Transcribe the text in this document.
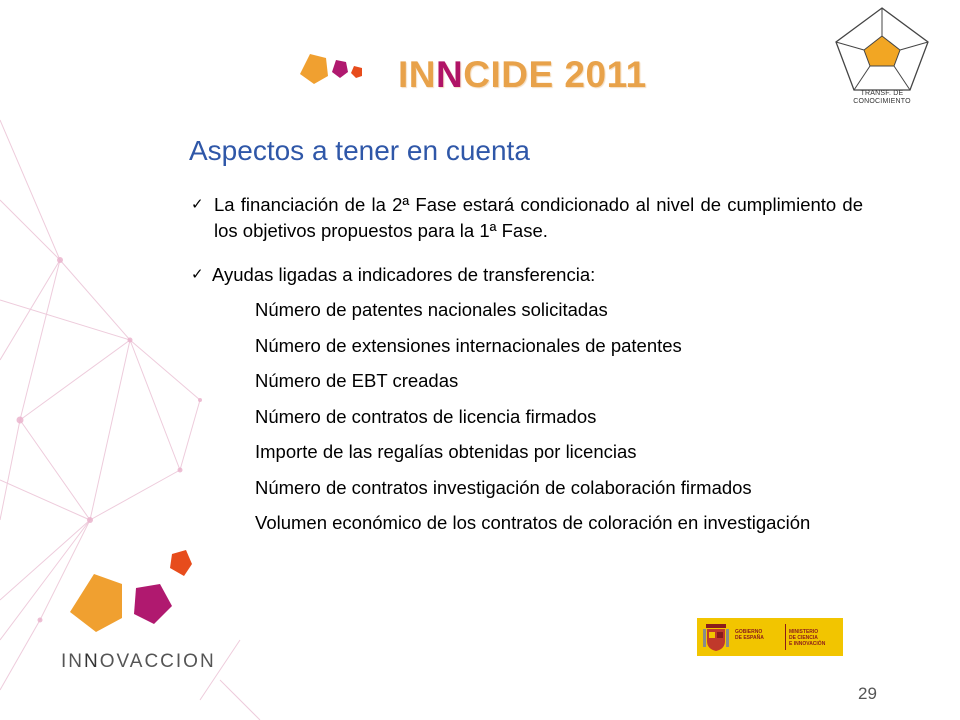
INNCIDE 2011	TRANSF. DE
CONOCIMIENTO
Aspectos a tener en cuenta
✓ La financiación de la 2ª Fase estará condicionado al nivel de cumplimiento de los objetivos propuestos para la 1ª Fase.
✓ Ayudas ligadas a indicadores de transferencia:
Número de patentes nacionales solicitadas
Número de extensiones internacionales de patentes
Número de EBT creadas
Número de contratos de licencia firmados
Importe de las regalías obtenidas por licencias
Número de contratos investigación de colaboración firmados
Volumen económico de los contratos de coloración en investigación
INNOVACCION
GOBIERNO
DE ESPAÑA
MINISTERIO
DE CIENCIA
E INNOVACIÓN
29
